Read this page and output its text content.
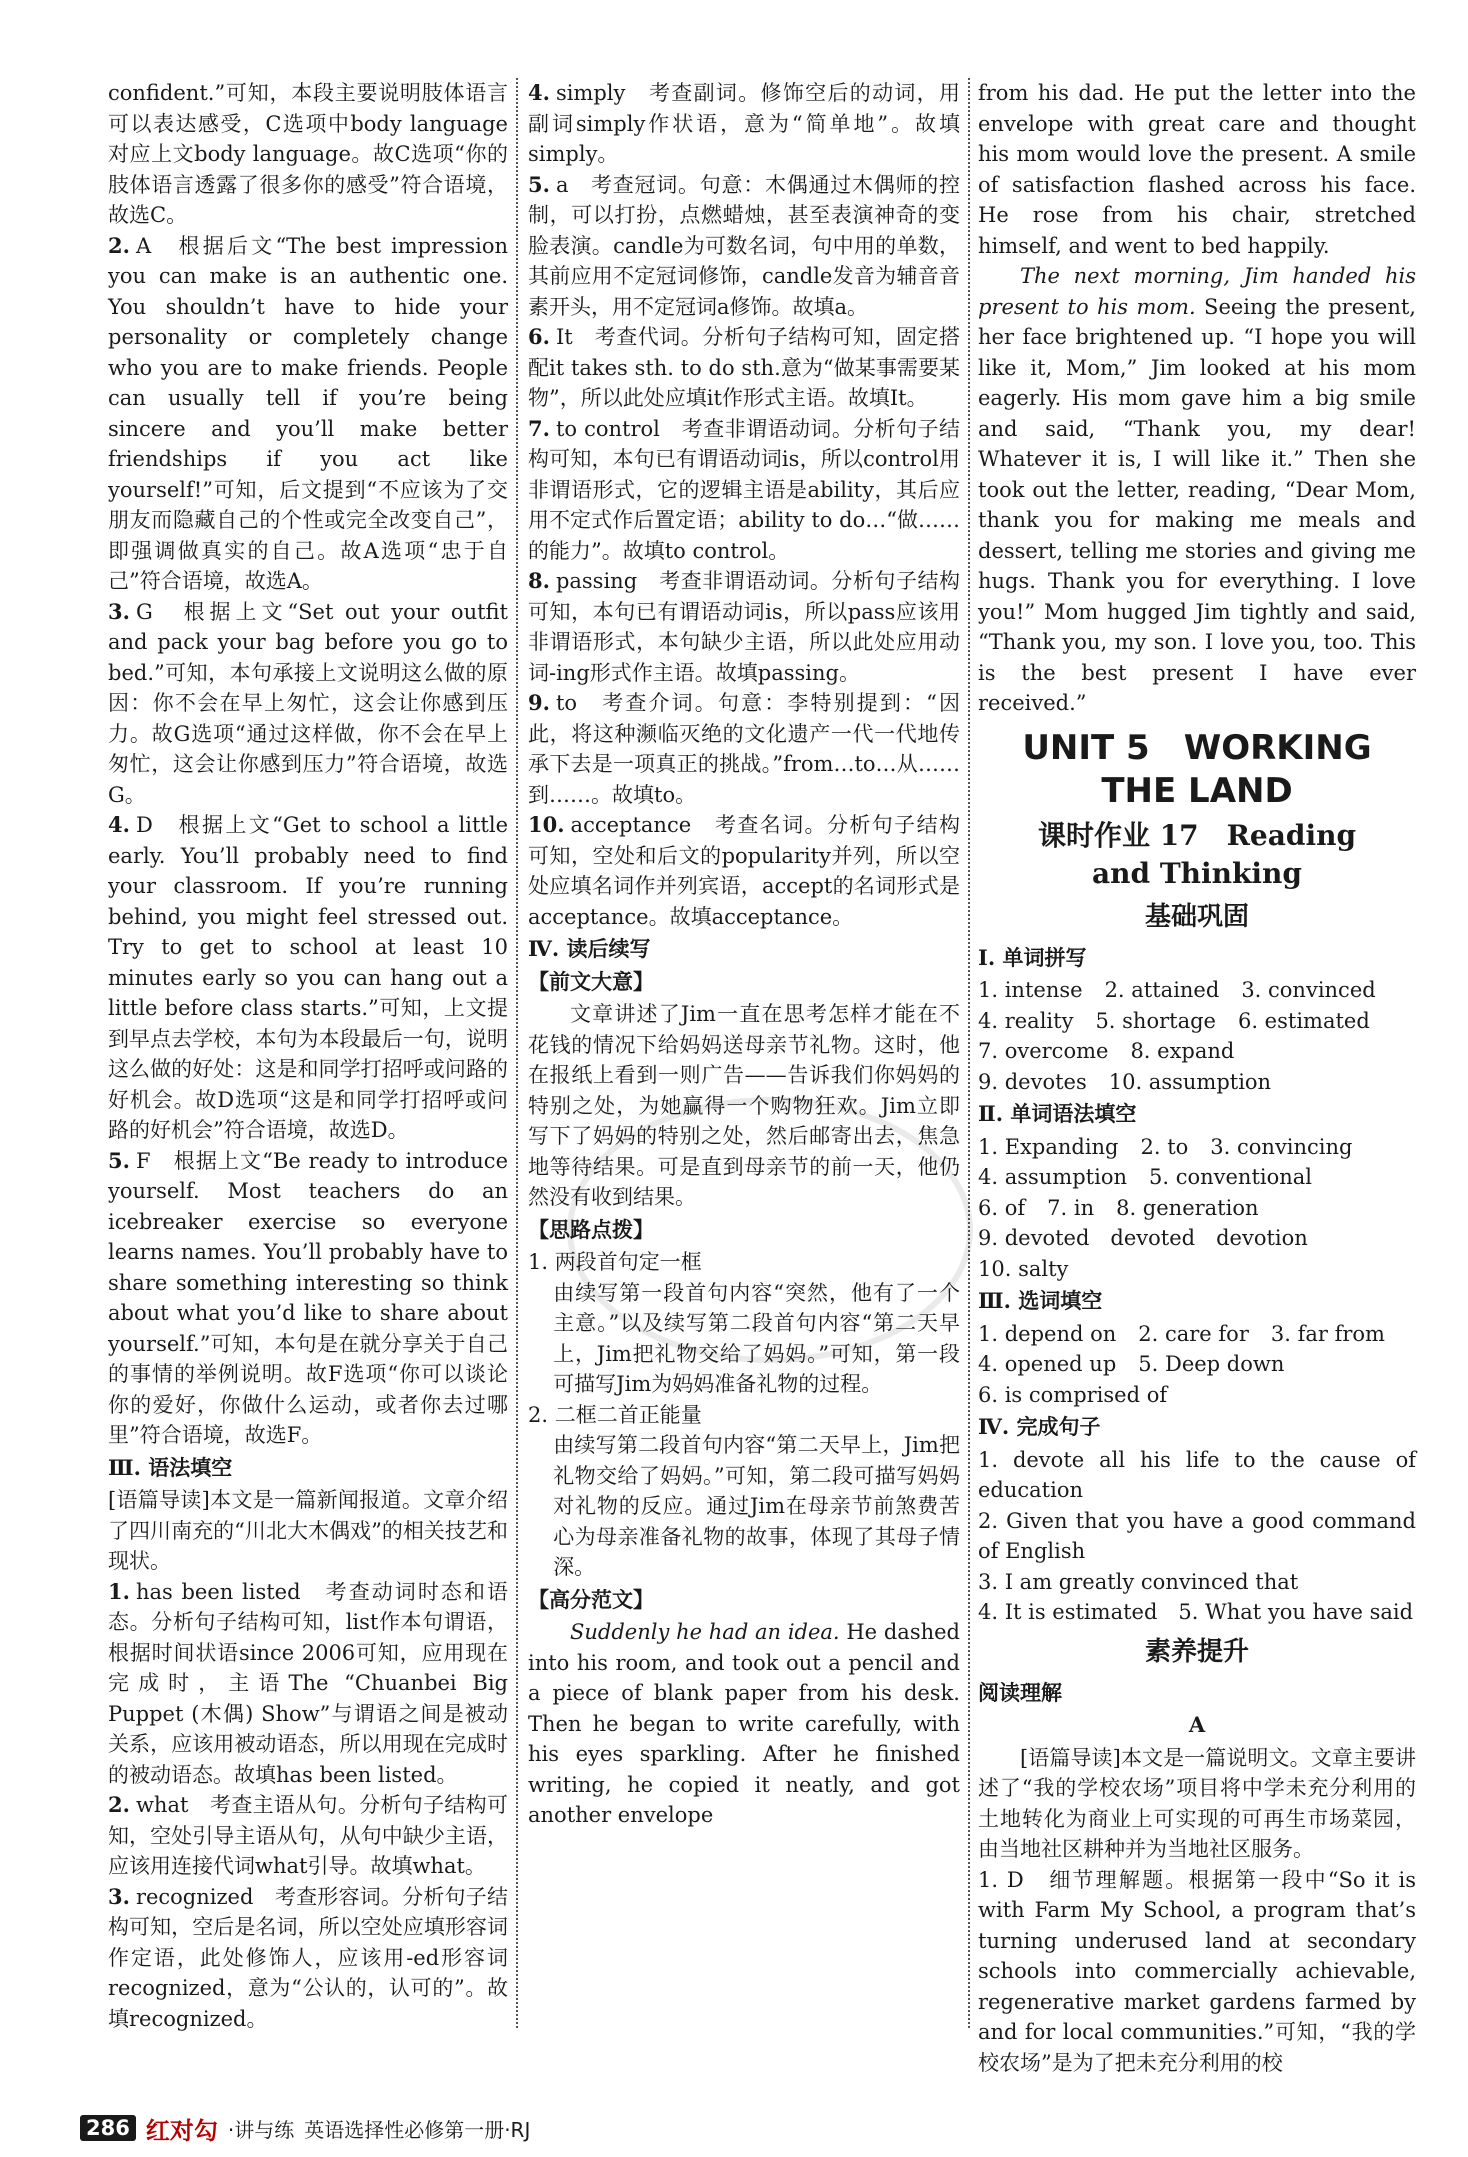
confident.”可知，本段主要说明肢体语言可以表达感受，C选项中body language对应上文body language。故C选项“你的肢体语言透露了很多你的感受”符合语境，故选C。

2. A　根据后文“The best impression you can make is an authentic one. You shouldn’t have to hide your personality or completely change who you are to make friends. People can usually tell if you’re being sincere and you’ll make better friendships if you act like yourself!”可知，后文提到“不应该为了交朋友而隐藏自己的个性或完全改变自己”，即强调做真实的自己。故A选项“忠于自己”符合语境，故选A。

3. G　根据上文“Set out your outfit and pack your bag before you go to bed.”可知，本句承接上文说明这么做的原因：你不会在早上匆忙，这会让你感到压力。故G选项“通过这样做，你不会在早上匆忙，这会让你感到压力”符合语境，故选G。

4. D　根据上文“Get to school a little early. You’ll probably need to find your classroom. If you’re running behind, you might feel stressed out. Try to get to school at least 10 minutes early so you can hang out a little before class starts.”可知，上文提到早点去学校，本句为本段最后一句，说明这么做的好处：这是和同学打招呼或问路的好机会。故D选项“这是和同学打招呼或问路的好机会”符合语境，故选D。

5. F　根据上文“Be ready to introduce yourself. Most teachers do an icebreaker exercise so everyone learns names. You’ll probably have to share something interesting so think about what you’d like to share about yourself.”可知，本句是在就分享关于自己的事情的举例说明。故F选项“你可以谈论你的爱好，你做什么运动，或者你去过哪里”符合语境，故选F。

Ⅲ. 语法填空

[语篇导读]本文是一篇新闻报道。文章介绍了四川南充的“川北大木偶戏”的相关技艺和现状。

1. has been listed　考查动词时态和语态。分析句子结构可知，list作本句谓语，根据时间状语since 2006可知，应用现在完成时，主语The “Chuanbei Big Puppet (木偶) Show”与谓语之间是被动关系，应该用被动语态，所以用现在完成时的被动语态。故填has been listed。

2. what　考查主语从句。分析句子结构可知，空处引导主语从句，从句中缺少主语，应该用连接代词what引导。故填what。

3. recognized　考查形容词。分析句子结构可知，空后是名词，所以空处应填形容词作定语，此处修饰人，应该用-ed形容词recognized，意为“公认的，认可的”。故填recognized。

4. simply　考查副词。修饰空后的动词，用副词simply作状语，意为“简单地”。故填simply。

5. a　考查冠词。句意：木偶通过木偶师的控制，可以打扮，点燃蜡烛，甚至表演神奇的变脸表演。candle为可数名词，句中用的单数，其前应用不定冠词修饰，candle发音为辅音音素开头，用不定冠词a修饰。故填a。

6. It　考查代词。分析句子结构可知，固定搭配it takes sth. to do sth.意为“做某事需要某物”，所以此处应填it作形式主语。故填It。

7. to control　考查非谓语动词。分析句子结构可知，本句已有谓语动词is，所以control用非谓语形式，它的逻辑主语是ability，其后应用不定式作后置定语；ability to do…“做……的能力”。故填to control。

8. passing　考查非谓语动词。分析句子结构可知，本句已有谓语动词is，所以pass应该用非谓语形式，本句缺少主语，所以此处应用动词-ing形式作主语。故填passing。

9. to　考查介词。句意：李特别提到：“因此，将这种濒临灭绝的文化遗产一代一代地传承下去是一项真正的挑战。”from…to…从……到……。故填to。

10. acceptance　考查名词。分析句子结构可知，空处和后文的popularity并列，所以空处应填名词作并列宾语，accept的名词形式是acceptance。故填acceptance。

Ⅳ. 读后续写

【前文大意】

文章讲述了Jim一直在思考怎样才能在不花钱的情况下给妈妈送母亲节礼物。这时，他在报纸上看到一则广告——告诉我们你妈妈的特别之处，为她赢得一个购物狂欢。Jim立即写下了妈妈的特别之处，然后邮寄出去，焦急地等待结果。可是直到母亲节的前一天，他仍然没有收到结果。

【思路点拨】

1. 两段首句定一框

由续写第一段首句内容“突然，他有了一个主意。”以及续写第二段首句内容“第二天早上，Jim把礼物交给了妈妈。”可知，第一段可描写Jim为妈妈准备礼物的过程。

2. 二框二首正能量

由续写第二段首句内容“第二天早上，Jim把礼物交给了妈妈。”可知，第二段可描写妈妈对礼物的反应。通过Jim在母亲节前煞费苦心为母亲准备礼物的故事，体现了其母子情深。

【高分范文】

Suddenly he had an idea. He dashed into his room, and took out a pencil and a piece of blank paper from his desk. Then he began to write carefully, with his eyes sparkling. After he finished writing, he copied it neatly, and got another envelope

from his dad. He put the letter into the envelope with great care and thought his mom would love the present. A smile of satisfaction flashed across his face. He rose from his chair, stretched himself, and went to bed happily.

The next morning, Jim handed his present to his mom. Seeing the present, her face brightened up. “I hope you will like it, Mom,” Jim looked at his mom eagerly. His mom gave him a big smile and said, “Thank you, my dear! Whatever it is, I will like it.” Then she took out the letter, reading, “Dear Mom, thank you for making me meals and dessert, telling me stories and giving me hugs. Thank you for everything. I love you!” Mom hugged Jim tightly and said, “Thank you, my son. I love you, too. This is the best present I have ever received.”

UNIT 5　WORKING
THE LAND
课时作业 17　Reading
and Thinking
基础巩固

Ⅰ. 单词拼写

1. intense 2. attained 3. convinced
4. reality 5. shortage 6. estimated
7. overcome 8. expand
9. devotes 10. assumption

Ⅱ. 单词语法填空

1. Expanding 2. to 3. convincing
4. assumption 5. conventional
6. of 7. in 8. generation
9. devoted　devoted　devotion
10. salty

Ⅲ. 选词填空

1. depend on 2. care for 3. far from
4. opened up 5. Deep down
6. is comprised of

Ⅳ. 完成句子

1. devote all his life to the cause of education

2. Given that you have a good command of English

3. I am greatly convinced that

4. It is estimated　5. What you have said

素养提升

阅读理解

A

[语篇导读]本文是一篇说明文。文章主要讲述了“我的学校农场”项目将中学未充分利用的土地转化为商业上可实现的可再生市场菜园，由当地社区耕种并为当地社区服务。

1. D　细节理解题。根据第一段中“So it is with Farm My School, a program that’s turning underused land at secondary schools into commercially achievable, regenerative market gardens farmed by and for local communities.”可知，“我的学校农场”是为了把未充分利用的校

286 红对勾 ·讲与练 英语选择性必修第一册·RJ
